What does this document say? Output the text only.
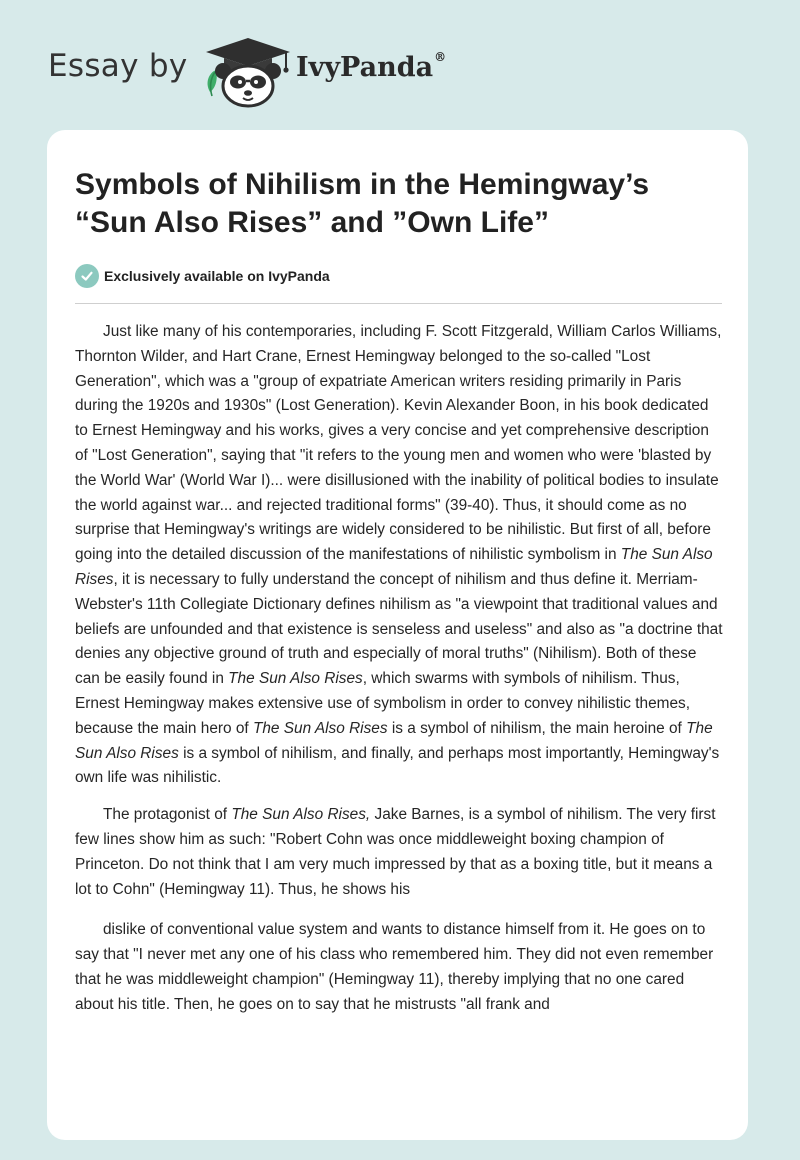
Essay by	IvyPanda®
Symbols of Nihilism in the Hemingway’s “Sun Also Rises” and ”Own Life”
Exclusively available on IvyPanda

Just like many of his contemporaries, including F. Scott Fitzgerald, William Carlos Williams, Thornton Wilder, and Hart Crane, Ernest Hemingway belonged to the so-called "Lost Generation", which was a "group of expatriate American writers residing primarily in Paris during the 1920s and 1930s" (Lost Generation). Kevin Alexander Boon, in his book dedicated to Ernest Hemingway and his works, gives a very concise and yet comprehensive description of "Lost Generation", saying that "it refers to the young men and women who were 'blasted by the World War' (World War I)... were disillusioned with the inability of political bodies to insulate the world against war... and rejected traditional forms" (39-40). Thus, it should come as no surprise that Hemingway's writings are widely considered to be nihilistic. But first of all, before going into the detailed discussion of the manifestations of nihilistic symbolism in The Sun Also Rises, it is necessary to fully understand the concept of nihilism and thus define it. Merriam-Webster's 11th Collegiate Dictionary defines nihilism as "a viewpoint that traditional values and beliefs are unfounded and that existence is senseless and useless" and also as "a doctrine that denies any objective ground of truth and especially of moral truths" (Nihilism). Both of these can be easily found in The Sun Also Rises, which swarms with symbols of nihilism. Thus, Ernest Hemingway makes extensive use of symbolism in order to convey nihilistic themes, because the main hero of The Sun Also Rises is a symbol of nihilism, the main heroine of The Sun Also Rises is a symbol of nihilism, and finally, and perhaps most importantly, Hemingway's own life was nihilistic.

The protagonist of The Sun Also Rises, Jake Barnes, is a symbol of nihilism. The very first few lines show him as such: "Robert Cohn was once middleweight boxing champion of Princeton. Do not think that I am very much impressed by that as a boxing title, but it means a lot to Cohn" (Hemingway 11). Thus, he shows his

dislike of conventional value system and wants to distance himself from it. He goes on to say that "I never met any one of his class who remembered him. They did not even remember that he was middleweight champion" (Hemingway 11), thereby implying that no one cared about his title. Then, he goes on to say that he mistrusts "all frank and
